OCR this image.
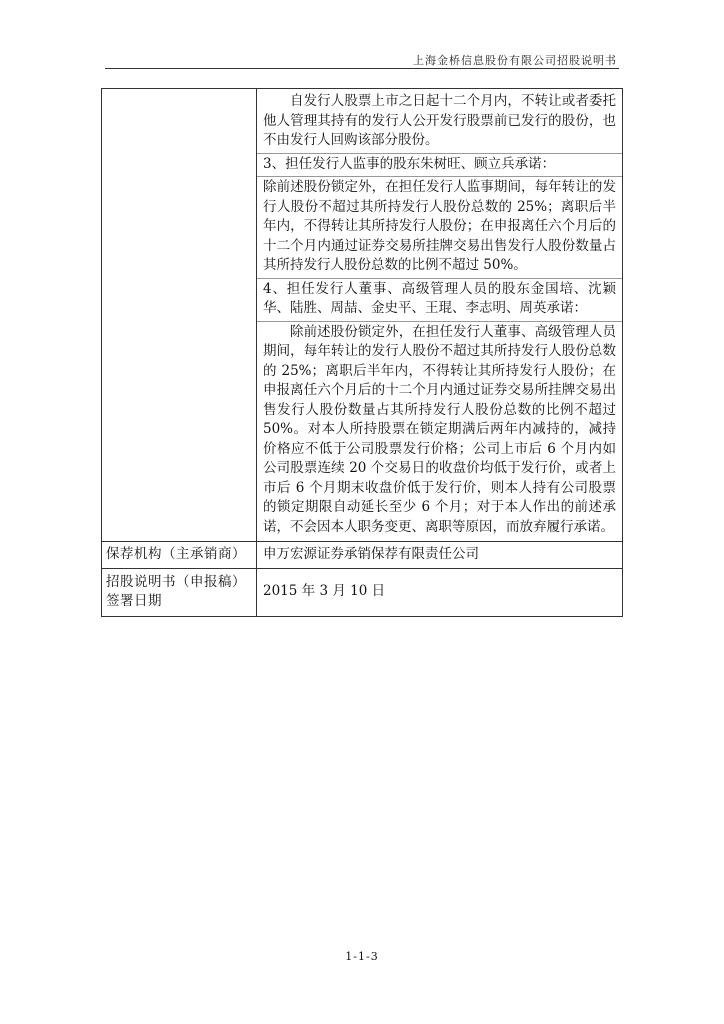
上海金桥信息股份有限公司招股说明书

	自发行人股票上市之日起十二个月内，不转让或者委托他人管理其持有的发行人公开发行股票前已发行的股份，也不由发行人回购该部分股份。

3、担任发行人监事的股东朱树旺、顾立兵承诺：

除前述股份锁定外，在担任发行人监事期间，每年转让的发行人股份不超过其所持发行人股份总数的 25%；离职后半年内，不得转让其所持发行人股份；在申报离任六个月后的十二个月内通过证券交易所挂牌交易出售发行人股份数量占其所持发行人股份总数的比例不超过 50%。

4、担任发行人董事、高级管理人员的股东金国培、沈颖华、陆胜、周喆、金史平、王琨、李志明、周英承诺：

除前述股份锁定外，在担任发行人董事、高级管理人员期间，每年转让的发行人股份不超过其所持发行人股份总数的 25%；离职后半年内，不得转让其所持发行人股份；在申报离任六个月后的十二个月内通过证券交易所挂牌交易出售发行人股份数量占其所持发行人股份总数的比例不超过 50%。对本人所持股票在锁定期满后两年内减持的，减持价格应不低于公司股票发行价格；公司上市后 6 个月内如公司股票连续 20 个交易日的收盘价均低于发行价，或者上市后 6 个月期末收盘价低于发行价，则本人持有公司股票的锁定期限自动延长至少 6 个月；对于本人作出的前述承诺，不会因本人职务变更、离职等原因，而放弃履行承诺。

保荐机构（主承销商）	申万宏源证券承销保荐有限责任公司
招股说明书（申报稿）签署日期	2015 年 3 月 10 日
1-1-3
